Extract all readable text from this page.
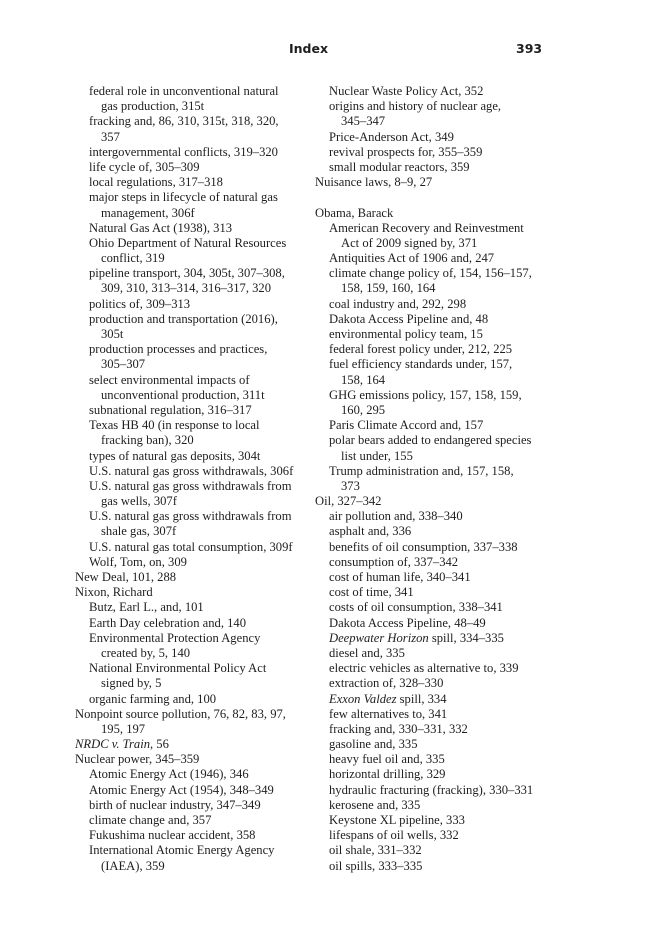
Index	393
federal role in unconventional natural
gas production, 315t
fracking and, 86, 310, 315t, 318, 320,
357
intergovernmental conflicts, 319–320
life cycle of, 305–309
local regulations, 317–318
major steps in lifecycle of natural gas
management, 306f
Natural Gas Act (1938), 313
Ohio Department of Natural Resources
conflict, 319
pipeline transport, 304, 305t, 307–308,
309, 310, 313–314, 316–317, 320
politics of, 309–313
production and transportation (2016),
305t
production processes and practices,
305–307
select environmental impacts of
unconventional production, 311t
subnational regulation, 316–317
Texas HB 40 (in response to local
fracking ban), 320
types of natural gas deposits, 304t
U.S. natural gas gross withdrawals, 306f
U.S. natural gas gross withdrawals from
gas wells, 307f
U.S. natural gas gross withdrawals from
shale gas, 307f
U.S. natural gas total consumption, 309f
Wolf, Tom, on, 309
New Deal, 101, 288
Nixon, Richard
Butz, Earl L., and, 101
Earth Day celebration and, 140
Environmental Protection Agency
created by, 5, 140
National Environmental Policy Act
signed by, 5
organic farming and, 100
Nonpoint source pollution, 76, 82, 83, 97,
195, 197
NRDC v. Train, 56
Nuclear power, 345–359
Atomic Energy Act (1946), 346
Atomic Energy Act (1954), 348–349
birth of nuclear industry, 347–349
climate change and, 357
Fukushima nuclear accident, 358
International Atomic Energy Agency
(IAEA), 359
Nuclear Waste Policy Act, 352
origins and history of nuclear age,
345–347
Price-Anderson Act, 349
revival prospects for, 355–359
small modular reactors, 359
Nuisance laws, 8–9, 27
Obama, Barack
American Recovery and Reinvestment
Act of 2009 signed by, 371
Antiquities Act of 1906 and, 247
climate change policy of, 154, 156–157,
158, 159, 160, 164
coal industry and, 292, 298
Dakota Access Pipeline and, 48
environmental policy team, 15
federal forest policy under, 212, 225
fuel efficiency standards under, 157,
158, 164
GHG emissions policy, 157, 158, 159,
160, 295
Paris Climate Accord and, 157
polar bears added to endangered species
list under, 155
Trump administration and, 157, 158,
373
Oil, 327–342
air pollution and, 338–340
asphalt and, 336
benefits of oil consumption, 337–338
consumption of, 337–342
cost of human life, 340–341
cost of time, 341
costs of oil consumption, 338–341
Dakota Access Pipeline, 48–49
Deepwater Horizon spill, 334–335
diesel and, 335
electric vehicles as alternative to, 339
extraction of, 328–330
Exxon Valdez spill, 334
few alternatives to, 341
fracking and, 330–331, 332
gasoline and, 335
heavy fuel oil and, 335
horizontal drilling, 329
hydraulic fracturing (fracking), 330–331
kerosene and, 335
Keystone XL pipeline, 333
lifespans of oil wells, 332
oil shale, 331–332
oil spills, 333–335
